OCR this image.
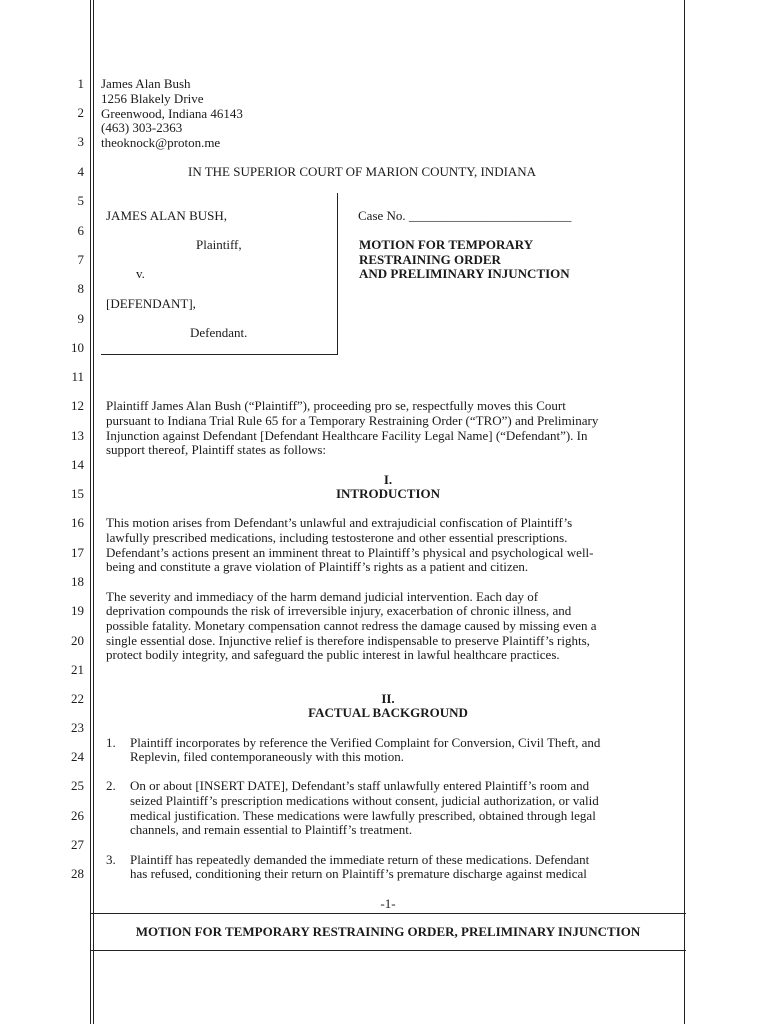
1
2
3
4
5
6
7
8
9
10
11
12
13
14
15
16
17
18
19
20
21
22
23
24
25
26
27
28
James Alan Bush
1256 Blakely Drive
Greenwood, Indiana 46143
(463) 303-2363
theoknock@proton.me
IN THE SUPERIOR COURT OF MARION COUNTY, INDIANA
JAMES ALAN BUSH,
Plaintiff,
v.
[DEFENDANT],
Defendant.
Case No. _________________________
MOTION FOR TEMPORARY
RESTRAINING ORDER
AND PRELIMINARY INJUNCTION
Plaintiff James Alan Bush (“Plaintiff”), proceeding pro se, respectfully moves this Court
pursuant to Indiana Trial Rule 65 for a Temporary Restraining Order (“TRO”) and Preliminary
Injunction against Defendant [Defendant Healthcare Facility Legal Name] (“Defendant”). In
support thereof, Plaintiff states as follows:
I.
INTRODUCTION
This motion arises from Defendant’s unlawful and extrajudicial confiscation of Plaintiff’s
lawfully prescribed medications, including testosterone and other essential prescriptions.
Defendant’s actions present an imminent threat to Plaintiff’s physical and psychological well-
being and constitute a grave violation of Plaintiff’s rights as a patient and citizen.
The severity and immediacy of the harm demand judicial intervention. Each day of
deprivation compounds the risk of irreversible injury, exacerbation of chronic illness, and
possible fatality. Monetary compensation cannot redress the damage caused by missing even a
single essential dose. Injunctive relief is therefore indispensable to preserve Plaintiff’s rights,
protect bodily integrity, and safeguard the public interest in lawful healthcare practices.
II.
FACTUAL BACKGROUND
1. Plaintiff incorporates by reference the Verified Complaint for Conversion, Civil Theft, and
Replevin, filed contemporaneously with this motion.
2. On or about [INSERT DATE], Defendant’s staff unlawfully entered Plaintiff’s room and
seized Plaintiff’s prescription medications without consent, judicial authorization, or valid
medical justification. These medications were lawfully prescribed, obtained through legal
channels, and remain essential to Plaintiff’s treatment.
3. Plaintiff has repeatedly demanded the immediate return of these medications. Defendant
has refused, conditioning their return on Plaintiff’s premature discharge against medical
-1-
MOTION FOR TEMPORARY RESTRAINING ORDER, PRELIMINARY INJUNCTION
